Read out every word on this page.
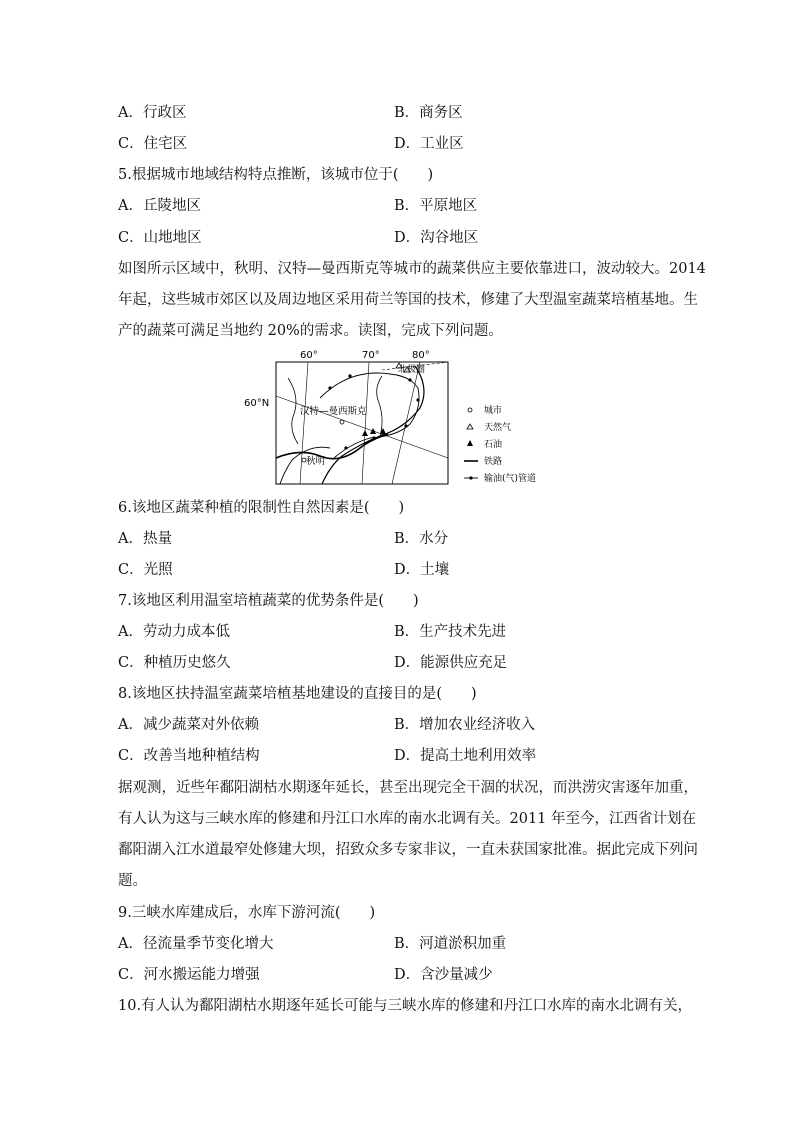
A．行政区	B．商务区
C．住宅区	D．工业区
5.根据城市地域结构特点推断，该城市位于(　　)
A．丘陵地区	B．平原地区
C．山地地区	D．沟谷地区
如图所示区域中，秋明、汉特—曼西斯克等城市的蔬菜供应主要依靠进口，波动较大。2014
年起，这些城市郊区以及周边地区采用荷兰等国的技术，修建了大型温室蔬菜培植基地。生
产的蔬菜可满足当地约 20%的需求。读图，完成下列问题。
60°	70°	80°
60°N
北极圈
汉特—曼西斯克
秋明
城市
天然气
石油
铁路
输油(气)管道
6.该地区蔬菜种植的限制性自然因素是(　　)
A．热量	B．水分
C．光照	D．土壤
7.该地区利用温室培植蔬菜的优势条件是(　　)
A．劳动力成本低	B．生产技术先进
C．种植历史悠久	D．能源供应充足
8.该地区扶持温室蔬菜培植基地建设的直接目的是(　　)
A．减少蔬菜对外依赖	B．增加农业经济收入
C．改善当地种植结构	D．提高土地利用效率
据观测，近些年鄱阳湖枯水期逐年延长，甚至出现完全干涸的状况，而洪涝灾害逐年加重，
有人认为这与三峡水库的修建和丹江口水库的南水北调有关。2011 年至今，江西省计划在
鄱阳湖入江水道最窄处修建大坝，招致众多专家非议，一直未获国家批准。据此完成下列问
题。
9.三峡水库建成后，水库下游河流(　　)
A．径流量季节变化增大	B．河道淤积加重
C．河水搬运能力增强	D．含沙量减少
10.有人认为鄱阳湖枯水期逐年延长可能与三峡水库的修建和丹江口水库的南水北调有关，
